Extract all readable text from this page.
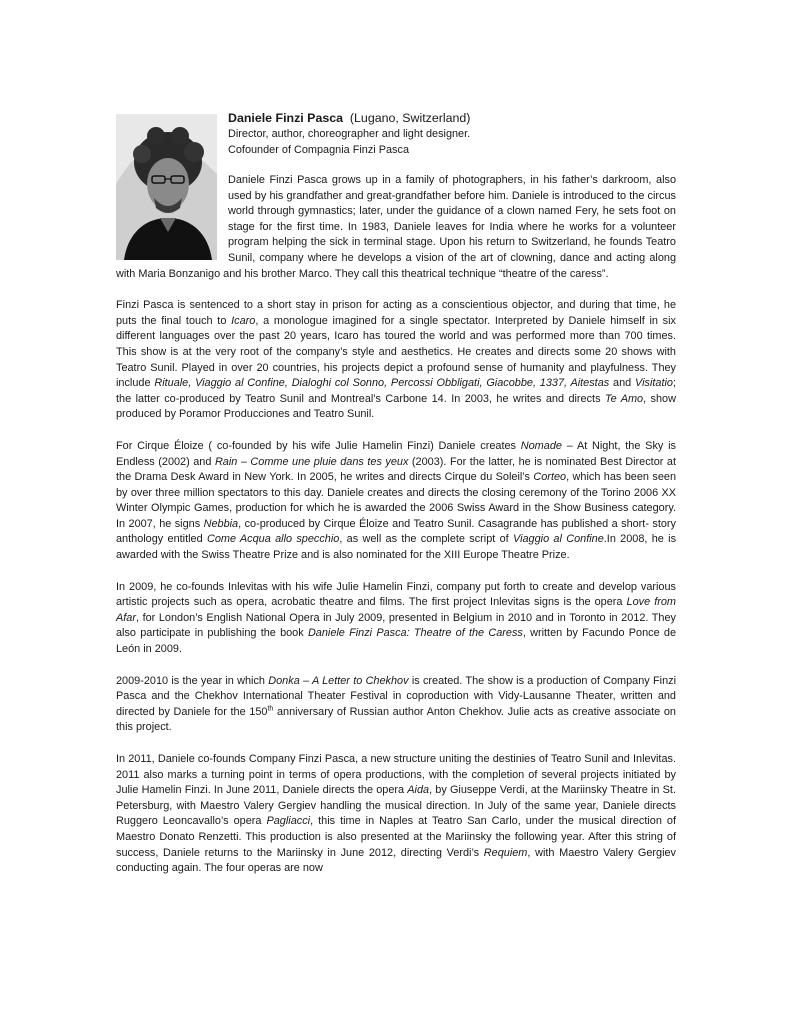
Daniele Finzi Pasca (Lugano, Switzerland)

Director, author, choreographer and light designer.

Cofounder of Compagnia Finzi Pasca

Daniele Finzi Pasca grows up in a family of photographers, in his father’s darkroom, also used by his grandfather and great-grandfather before him. Daniele is introduced to the circus world through gymnastics; later, under the guidance of a clown named Fery, he sets foot on stage for the first time. In 1983, Daniele leaves for India where he works for a volunteer program helping the sick in terminal stage. Upon his return to Switzerland, he founds Teatro Sunil, company where he develops a vision of the art of clowning, dance and acting along with Maria Bonzanigo and his brother Marco. They call this theatrical technique “theatre of the caress”.

Finzi Pasca is sentenced to a short stay in prison for acting as a conscientious objector, and during that time, he puts the final touch to Icaro, a monologue imagined for a single spectator. Interpreted by Daniele himself in six different languages over the past 20 years, Icaro has toured the world and was performed more than 700 times. This show is at the very root of the company’s style and aesthetics. He creates and directs some 20 shows with Teatro Sunil. Played in over 20 countries, his projects depict a profound sense of humanity and playfulness. They include Rituale, Viaggio al Confine, Dialoghi col Sonno, Percossi Obbligati, Giacobbe, 1337, Aitestas and Visitatio; the latter co-produced by Teatro Sunil and Montreal’s Carbone 14. In 2003, he writes and directs Te Amo, show produced by Poramor Producciones and Teatro Sunil.

For Cirque Éloize ( co-founded by his wife Julie Hamelin Finzi) Daniele creates Nomade – At Night, the Sky is Endless (2002) and Rain – Comme une pluie dans tes yeux (2003). For the latter, he is nominated Best Director at the Drama Desk Award in New York. In 2005, he writes and directs Cirque du Soleil’s Corteo, which has been seen by over three million spectators to this day. Daniele creates and directs the closing ceremony of the Torino 2006 XX Winter Olympic Games, production for which he is awarded the 2006 Swiss Award in the Show Business category. In 2007, he signs Nebbia, co-produced by Cirque Éloize and Teatro Sunil. Casagrande has published a short- story anthology entitled Come Acqua allo specchio, as well as the complete script of Viaggio al Confine.In 2008, he is awarded with the Swiss Theatre Prize and is also nominated for the XIII Europe Theatre Prize.

In 2009, he co-founds Inlevitas with his wife Julie Hamelin Finzi, company put forth to create and develop various artistic projects such as opera, acrobatic theatre and films. The first project Inlevitas signs is the opera Love from Afar, for London’s English National Opera in July 2009, presented in Belgium in 2010 and in Toronto in 2012. They also participate in publishing the book Daniele Finzi Pasca: Theatre of the Caress, written by Facundo Ponce de León in 2009.

2009-2010 is the year in which Donka – A Letter to Chekhov is created. The show is a production of Company Finzi Pasca and the Chekhov International Theater Festival in coproduction with Vidy-Lausanne Theater, written and directed by Daniele for the 150th anniversary of Russian author Anton Chekhov. Julie acts as creative associate on this project.

In 2011, Daniele co-founds Company Finzi Pasca, a new structure uniting the destinies of Teatro Sunil and Inlevitas. 2011 also marks a turning point in terms of opera productions, with the completion of several projects initiated by Julie Hamelin Finzi. In June 2011, Daniele directs the opera Aida, by Giuseppe Verdi, at the Mariinsky Theatre in St. Petersburg, with Maestro Valery Gergiev handling the musical direction. In July of the same year, Daniele directs Ruggero Leoncavallo’s opera Pagliacci, this time in Naples at Teatro San Carlo, under the musical direction of Maestro Donato Renzetti. This production is also presented at the Mariinsky the following year. After this string of success, Daniele returns to the Mariinsky in June 2012, directing Verdi’s Requiem, with Maestro Valery Gergiev conducting again. The four operas are now
